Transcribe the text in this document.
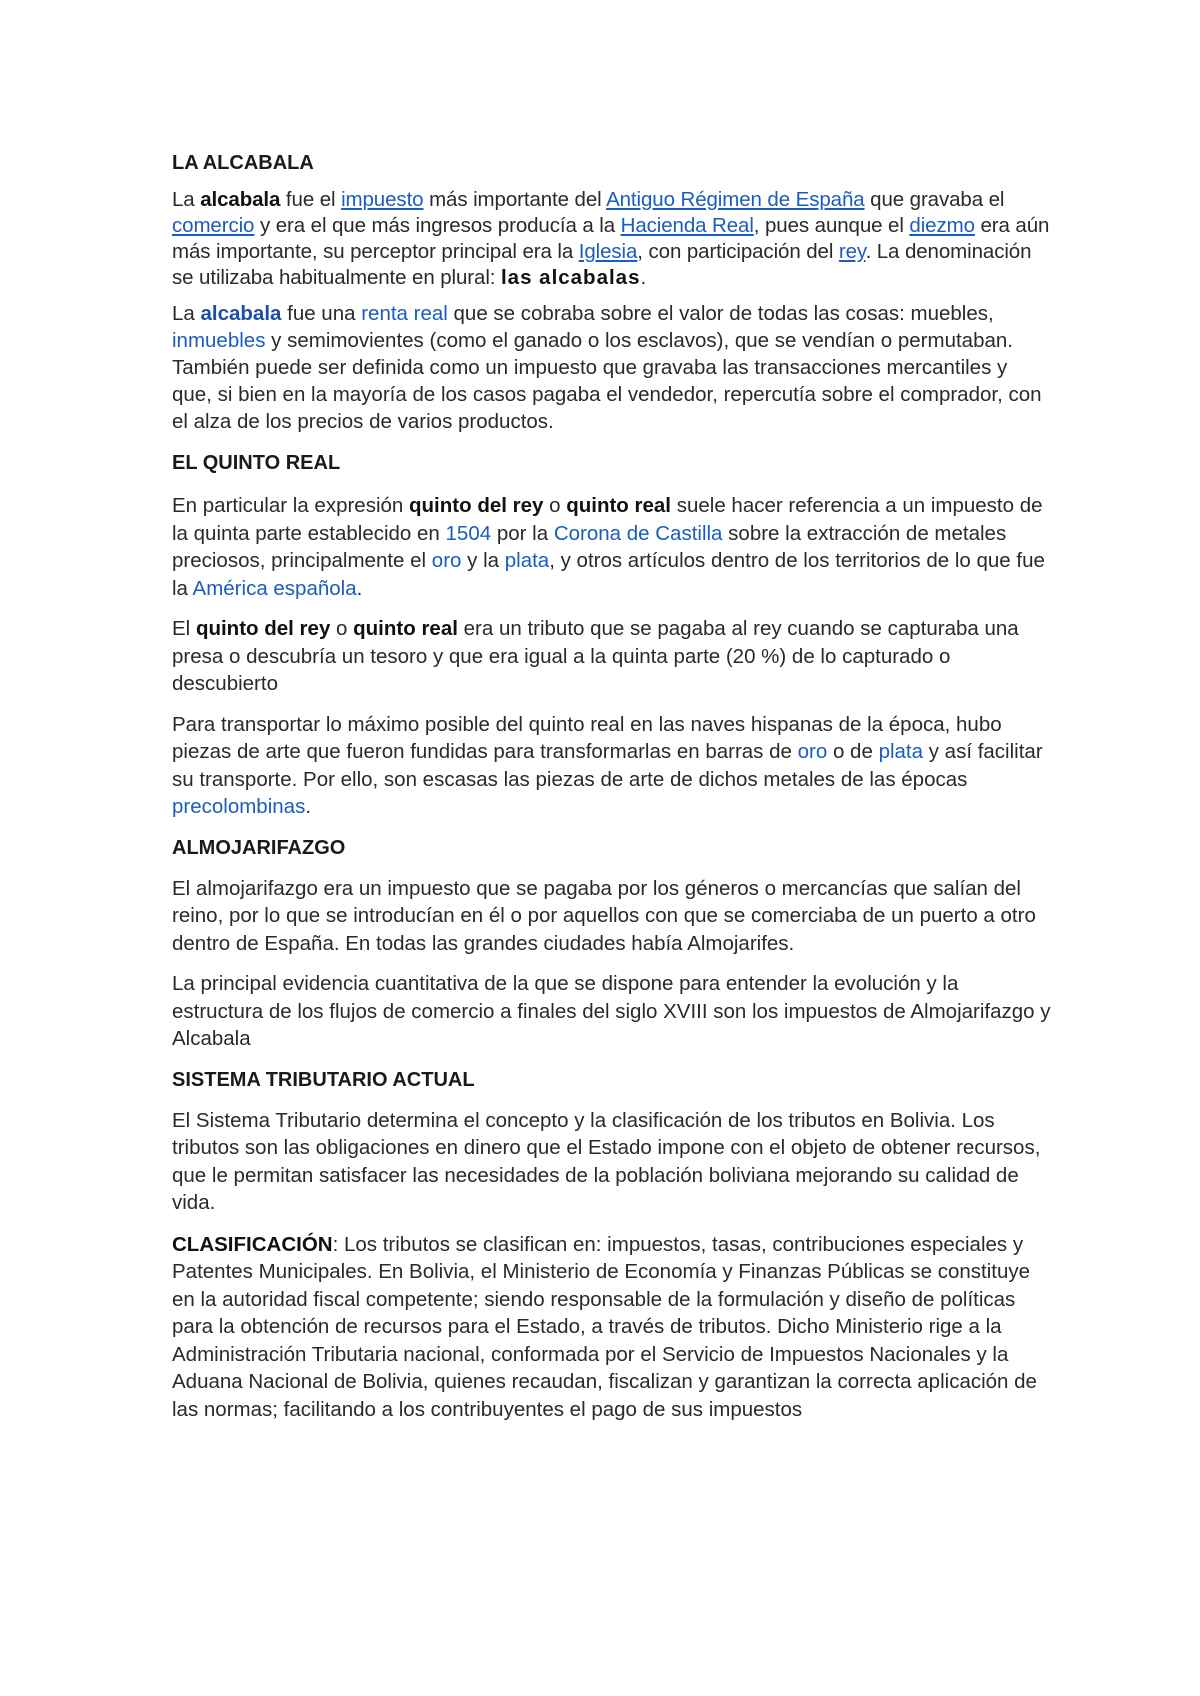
LA ALCABALA

La alcabala fue el impuesto más importante del Antiguo Régimen de España que gravaba el comercio y era el que más ingresos producía a la Hacienda Real, pues aunque el diezmo era aún más importante, su perceptor principal era la Iglesia, con participación del rey. La denominación se utilizaba habitualmente en plural: las alcabalas.

La alcabala fue una renta real que se cobraba sobre el valor de todas las cosas: muebles, inmuebles y semimovientes (como el ganado o los esclavos), que se vendían o permutaban. También puede ser definida como un impuesto que gravaba las transacciones mercantiles y que, si bien en la mayoría de los casos pagaba el vendedor, repercutía sobre el comprador, con el alza de los precios de varios productos.

EL QUINTO REAL

En particular la expresión quinto del rey o quinto real suele hacer referencia a un impuesto de la quinta parte establecido en 1504 por la Corona de Castilla sobre la extracción de metales preciosos, principalmente el oro y la plata, y otros artículos dentro de los territorios de lo que fue la América española.

El quinto del rey o quinto real era un tributo que se pagaba al rey cuando se capturaba una presa o descubría un tesoro y que era igual a la quinta parte (20 %) de lo capturado o descubierto

Para transportar lo máximo posible del quinto real en las naves hispanas de la época, hubo piezas de arte que fueron fundidas para transformarlas en barras de oro o de plata y así facilitar su transporte. Por ello, son escasas las piezas de arte de dichos metales de las épocas precolombinas.

ALMOJARIFAZGO

El almojarifazgo era un impuesto que se pagaba por los géneros o mercancías que salían del reino, por lo que se introducían en él o por aquellos con que se comerciaba de un puerto a otro dentro de España. En todas las grandes ciudades había Almojarifes.

La principal evidencia cuantitativa de la que se dispone para entender la evolución y la estructura de los flujos de comercio a finales del siglo XVIII son los impuestos de Almojarifazgo y Alcabala

SISTEMA TRIBUTARIO ACTUAL

El Sistema Tributario determina el concepto y la clasificación de los tributos en Bolivia. Los tributos son las obligaciones en dinero que el Estado impone con el objeto de obtener recursos, que le permitan satisfacer las necesidades de la población boliviana mejorando su calidad de vida.

CLASIFICACIÓN: Los tributos se clasifican en: impuestos, tasas, contribuciones especiales y Patentes Municipales. En Bolivia, el Ministerio de Economía y Finanzas Públicas se constituye en la autoridad fiscal competente; siendo responsable de la formulación y diseño de políticas para la obtención de recursos para el Estado, a través de tributos. Dicho Ministerio rige a la Administración Tributaria nacional, conformada por el Servicio de Impuestos Nacionales y la Aduana Nacional de Bolivia, quienes recaudan, fiscalizan y garantizan la correcta aplicación de las normas; facilitando a los contribuyentes el pago de sus impuestos
